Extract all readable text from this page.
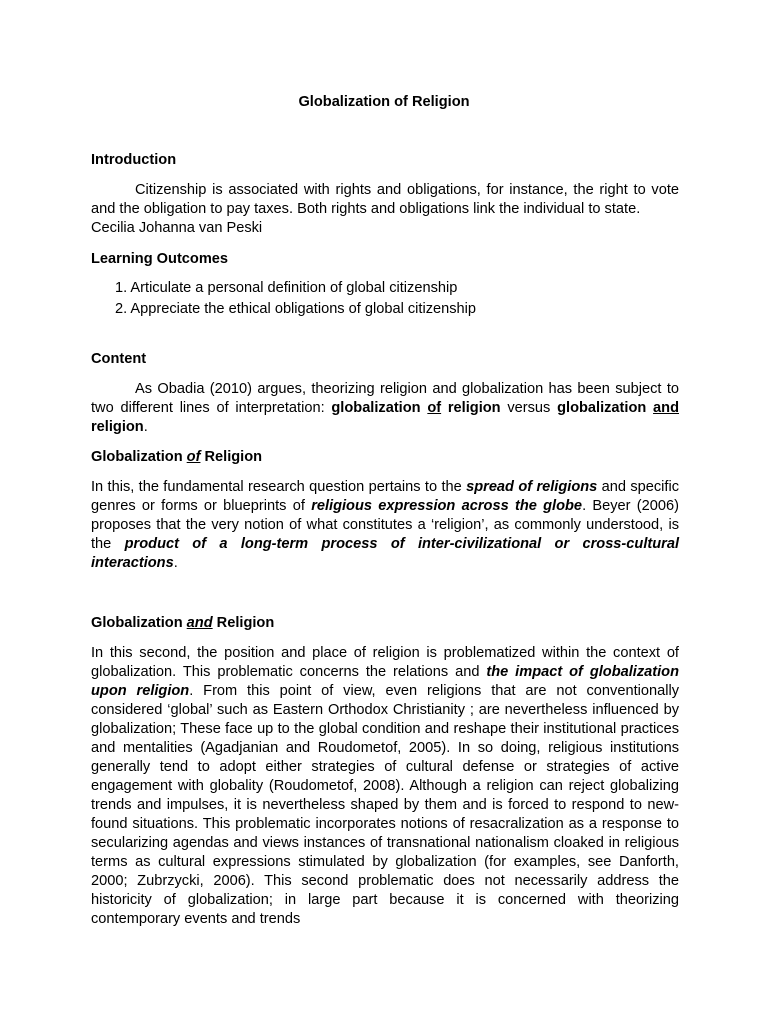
Globalization of Religion

Introduction

Citizenship is associated with rights and obligations, for instance, the right to vote and the obligation to pay taxes. Both rights and obligations link the individual to state.

Cecilia Johanna van Peski

Learning Outcomes

1. Articulate a personal definition of global citizenship

2. Appreciate the ethical obligations of global citizenship

Content

As Obadia (2010) argues, theorizing religion and globalization has been subject to two different lines of interpretation: globalization of religion versus globalization and religion.

Globalization of Religion

In this, the fundamental research question pertains to the spread of religions and specific genres or forms or blueprints of religious expression across the globe. Beyer (2006) proposes that the very notion of what constitutes a ‘religion’, as commonly understood, is the product of a long-term process of inter-civilizational or cross-cultural interactions.

Globalization and Religion

In this second, the position and place of religion is problematized within the context of globalization. This problematic concerns the relations and the impact of globalization upon religion. From this point of view, even religions that are not conventionally considered ‘global’ such as Eastern Orthodox Christianity ; are nevertheless influenced by globalization; These face up to the global condition and reshape their institutional practices and mentalities (Agadjanian and Roudometof, 2005). In so doing, religious institutions generally tend to adopt either strategies of cultural defense or strategies of active engagement with globality (Roudometof, 2008). Although a religion can reject globalizing trends and impulses, it is nevertheless shaped by them and is forced to respond to new-found situations. This problematic incorporates notions of resacralization as a response to secularizing agendas and views instances of transnational nationalism cloaked in religious terms as cultural expressions stimulated by globalization (for examples, see Danforth, 2000; Zubrzycki, 2006). This second problematic does not necessarily address the historicity of globalization; in large part because it is concerned with theorizing contemporary events and trends
